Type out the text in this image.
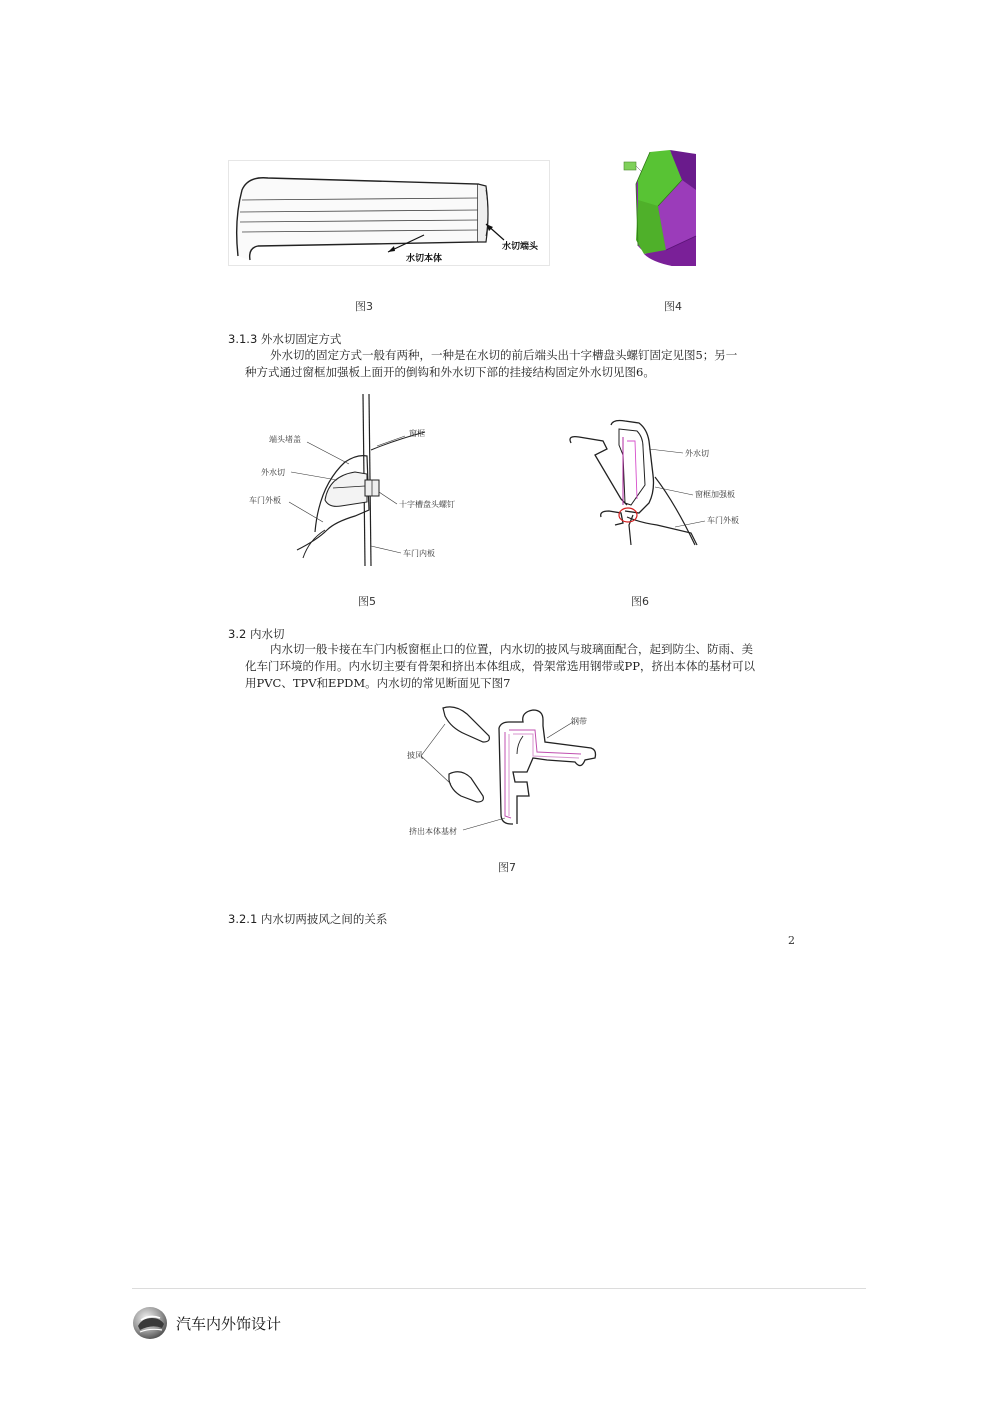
水切本体
水切端头
图3	图4
3.1.3 外水切固定方式
外水切的固定方式一般有两种，一种是在水切的前后端头出十字槽盘头螺钉固定见图5；另一
种方式通过窗框加强板上面开的倒钩和外水切下部的挂接结构固定外水切见图6。
端头堵盖
外水切
车门外板
窗框
十字槽盘头螺钉
车门内板
图5
外水切
窗框加强板
车门外板
图6
3.2 内水切
内水切一般卡接在车门内板窗框止口的位置，内水切的披风与玻璃面配合，起到防尘、防雨、美
化车门环境的作用。内水切主要有骨架和挤出本体组成，骨架常选用钢带或PP，挤出本体的基材可以
用PVC、TPV和EPDM。内水切的常见断面见下图7
钢带
披风
挤出本体基材
图7
3.2.1 内水切两披风之间的关系
2
汽车内外饰设计
